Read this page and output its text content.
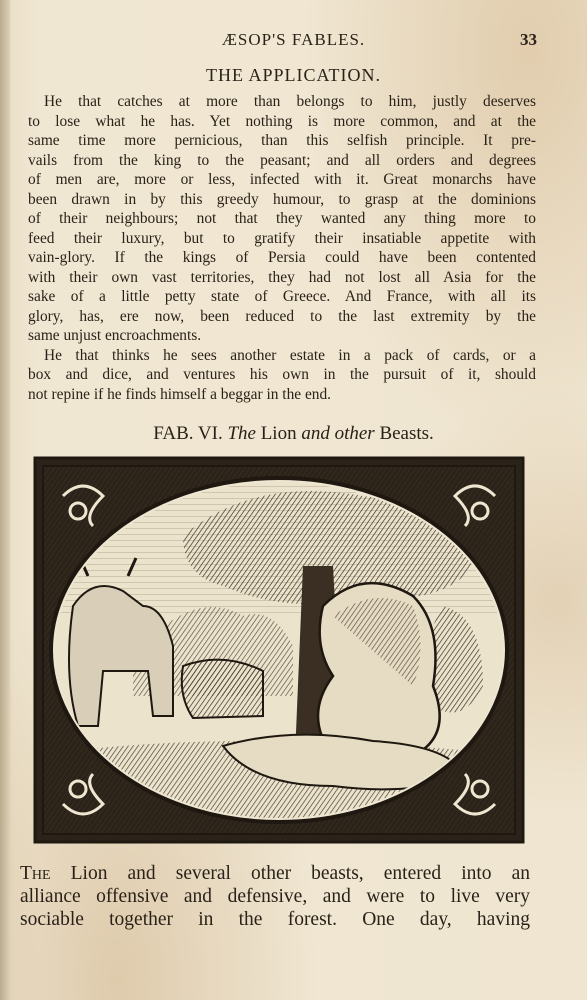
ÆSOP'S FABLES.	33
THE APPLICATION.
He that catches at more than belongs to him, justly deserves
to lose what he has. Yet nothing is more common, and at the
same time more pernicious, than this selfish principle. It pre-
vails from the king to the peasant; and all orders and degrees
of men are, more or less, infected with it. Great monarchs have
been drawn in by this greedy humour, to grasp at the dominions
of their neighbours; not that they wanted any thing more to
feed their luxury, but to gratify their insatiable appetite with
vain-glory. If the kings of Persia could have been contented
with their own vast territories, they had not lost all Asia for the
sake of a little petty state of Greece. And France, with all its
glory, has, ere now, been reduced to the last extremity by the
same unjust encroachments.
He that thinks he sees another estate in a pack of cards, or a
box and dice, and ventures his own in the pursuit of it, should
not repine if he finds himself a beggar in the end.
FAB. VI. The Lion and other Beasts.
The Lion and several other beasts, entered into an
alliance offensive and defensive, and were to live very
sociable together in the forest. One day, having
